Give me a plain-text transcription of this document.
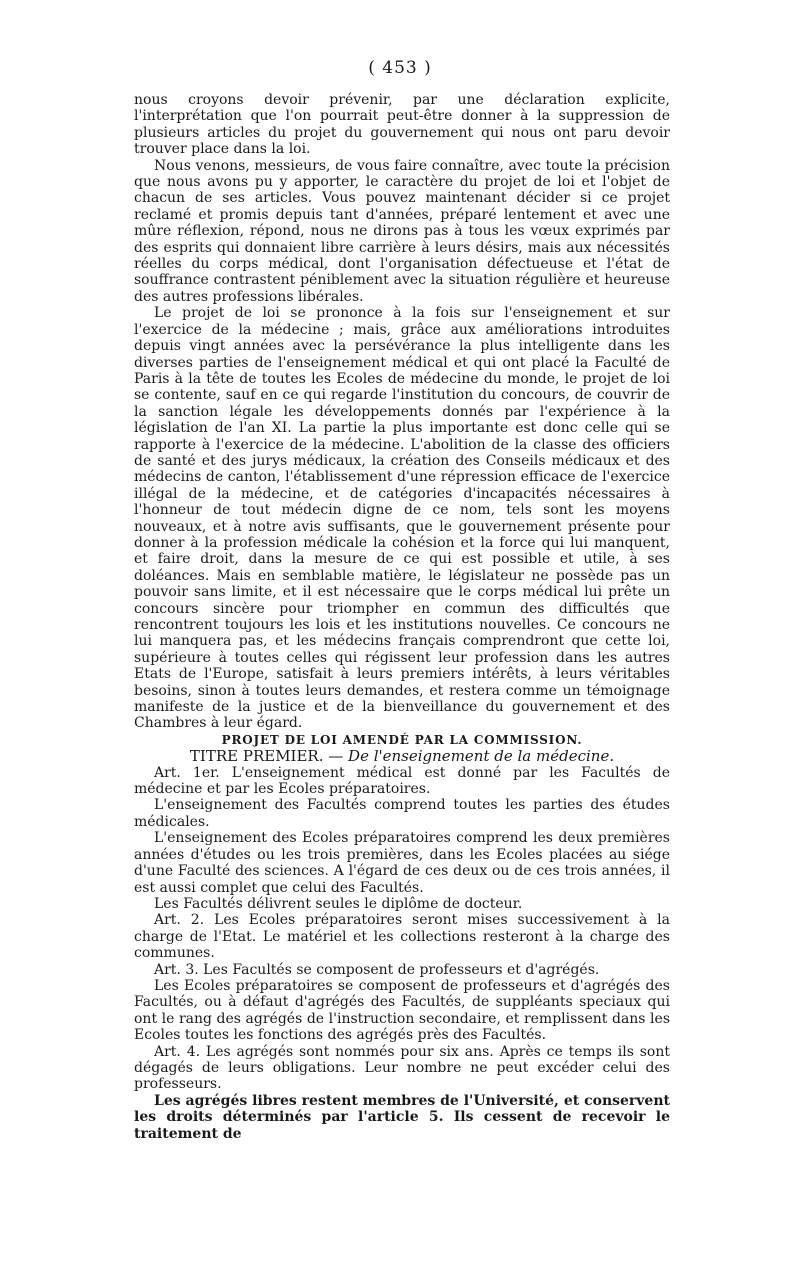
( 453 )

nous croyons devoir prévenir, par une déclaration explicite, l'interprétation que l'on pourrait peut-être donner à la suppression de plusieurs articles du projet du gouvernement qui nous ont paru devoir trouver place dans la loi.

Nous venons, messieurs, de vous faire connaître, avec toute la précision que nous avons pu y apporter, le caractère du projet de loi et l'objet de chacun de ses articles. Vous pouvez maintenant décider si ce projet reclamé et promis depuis tant d'années, préparé lentement et avec une mûre réflexion, répond, nous ne dirons pas à tous les vœux exprimés par des esprits qui donnaient libre carrière à leurs désirs, mais aux nécessités réelles du corps médical, dont l'organisation défectueuse et l'état de souffrance contrastent péniblement avec la situation régulière et heureuse des autres professions libérales.

Le projet de loi se prononce à la fois sur l'enseignement et sur l'exercice de la médecine ; mais, grâce aux améliorations introduites depuis vingt années avec la persévérance la plus intelligente dans les diverses parties de l'enseignement médical et qui ont placé la Faculté de Paris à la tête de toutes les Ecoles de médecine du monde, le projet de loi se contente, sauf en ce qui regarde l'institution du concours, de couvrir de la sanction légale les développements donnés par l'expérience à la législation de l'an XI. La partie la plus importante est donc celle qui se rapporte à l'exercice de la médecine. L'abolition de la classe des officiers de santé et des jurys médicaux, la création des Conseils médicaux et des médecins de canton, l'établissement d'une répression efficace de l'exercice illégal de la médecine, et de catégories d'incapacités nécessaires à l'honneur de tout médecin digne de ce nom, tels sont les moyens nouveaux, et à notre avis suffisants, que le gouvernement présente pour donner à la profession médicale la cohésion et la force qui lui manquent, et faire droit, dans la mesure de ce qui est possible et utile, à ses doléances. Mais en semblable matière, le législateur ne possède pas un pouvoir sans limite, et il est nécessaire que le corps médical lui prête un concours sincère pour triompher en commun des difficultés que rencontrent toujours les lois et les institutions nouvelles. Ce concours ne lui manquera pas, et les médecins français comprendront que cette loi, supérieure à toutes celles qui régissent leur profession dans les autres Etats de l'Europe, satisfait à leurs premiers intérêts, à leurs véritables besoins, sinon à toutes leurs demandes, et restera comme un témoignage manifeste de la justice et de la bienveillance du gouvernement et des Chambres à leur égard.

PROJET DE LOI AMENDÉ PAR LA COMMISSION.

TITRE PREMIER. — De l'enseignement de la médecine.

Art. 1er. L'enseignement médical est donné par les Facultés de médecine et par les Ecoles préparatoires.

L'enseignement des Facultés comprend toutes les parties des études médicales.

L'enseignement des Ecoles préparatoires comprend les deux premières années d'études ou les trois premières, dans les Ecoles placées au siége d'une Faculté des sciences. A l'égard de ces deux ou de ces trois années, il est aussi complet que celui des Facultés.

Les Facultés délivrent seules le diplôme de docteur.

Art. 2. Les Ecoles préparatoires seront mises successivement à la charge de l'Etat. Le matériel et les collections resteront à la charge des communes.

Art. 3. Les Facultés se composent de professeurs et d'agrégés.

Les Ecoles préparatoires se composent de professeurs et d'agrégés des Facultés, ou à défaut d'agrégés des Facultés, de suppléants speciaux qui ont le rang des agrégés de l'instruction secondaire, et remplissent dans les Ecoles toutes les fonctions des agrégés près des Facultés.

Art. 4. Les agrégés sont nommés pour six ans. Après ce temps ils sont dégagés de leurs obligations. Leur nombre ne peut excéder celui des professeurs.

Les agrégés libres restent membres de l'Université, et conservent les droits déterminés par l'article 5. Ils cessent de recevoir le traitement de
